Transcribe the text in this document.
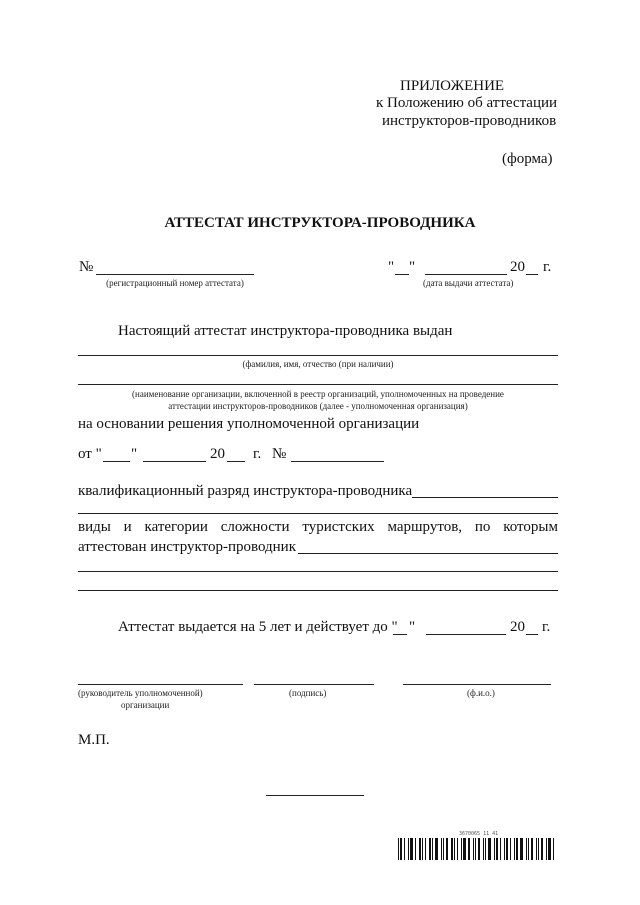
ПРИЛОЖЕНИЕ
к Положению об аттестации
инструкторов-проводников
(форма)
АТТЕСТАТ ИНСТРУКТОРА-ПРОВОДНИКА
№
(регистрационный номер аттестата)
" "	20 г.
(дата выдачи аттестата)
Настоящий аттестат инструктора-проводника выдан
(фамилия, имя, отчество (при наличии)
(наименование организации, включенной в реестр организаций, уполномоченных на проведение
аттестации инструкторов-проводников (далее - уполномоченная организация)
на основании решения уполномоченной организации
от " "	20 г. №
квалификационный разряд инструктора-проводника
виды и категории сложности туристских маршрутов, по которым
аттестован инструктор-проводник
Аттестат выдается на 5 лет и действует до " "	20 г.
(руководитель уполномоченной)
организации
(подпись)	(ф.и.о.)
М.П.
3670065 11 41
